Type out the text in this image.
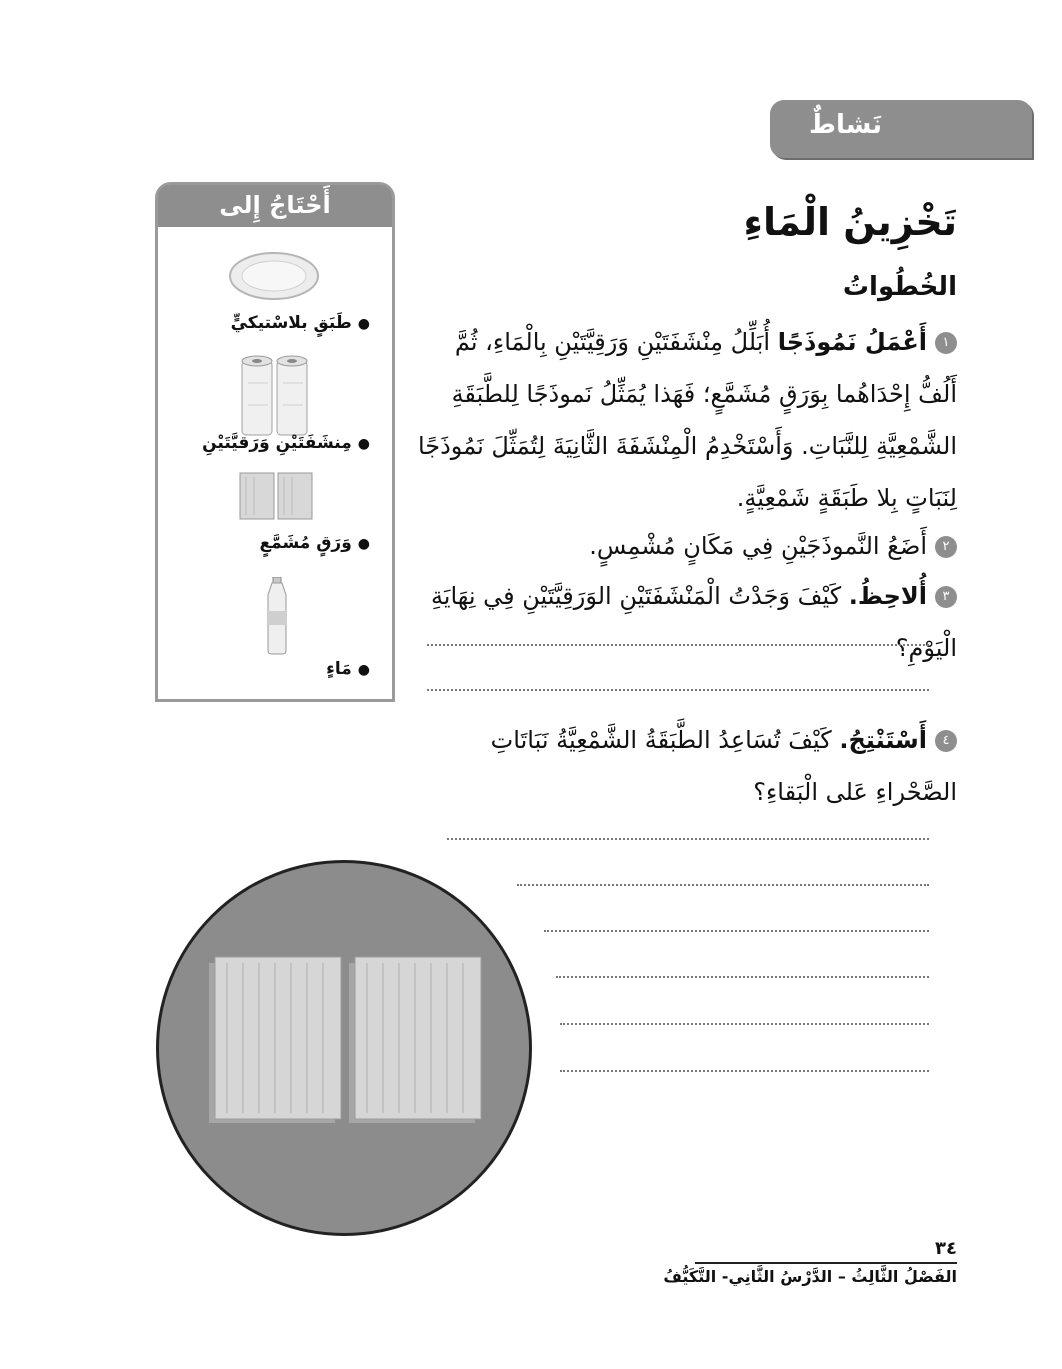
نَشاطٌ
أَحْتَاجُ إِلى
●طَبَقٍ بلاسْتيكيٍّ
●مِنشَفَتَيْنِ وَرَقيَّتَيْنِ
●وَرَقٍ مُشَمَّعٍ
●مَاءٍ
تَخْزِينُ الْمَاءِ
الخُطُواتُ
١أَعْمَلُ نَمُوذَجًا أُبَلِّلُ مِنْشَفَتَيْنِ وَرَقِيَّتَيْنِ بِالْمَاءِ، ثُمَّ أَلُفُّ إِحْدَاهُما بِوَرَقٍ مُشَمَّعٍ؛ فَهَذا يُمَثِّلُ نَموذَجًا لِلطَّبَقَةِ الشَّمْعِيَّةِ لِلنَّبَاتِ. وَأَسْتَخْدِمُ الْمِنْشَفَةَ الثَّانِيَةَ لِتُمَثِّلَ نَمُوذَجًا لِنَبَاتٍ بِلا طَبَقَةٍ شَمْعِيَّةٍ.
٢أَضَعُ النَّموذَجَيْنِ فِي مَكَانٍ مُشْمِسٍ.
٣أُلاحِظُ. كَيْفَ وَجَدْتُ الْمَنْشَفَتَيْنِ الوَرَقِيَّتَيْنِ فِي نِهَايَةِ الْيَوْمِ؟
٤أَسْتَنْتِجُ. كَيْفَ تُسَاعِدُ الطَّبَقَةُ الشَّمْعِيَّةُ نَبَاتَاتِ الصَّحْراءِ عَلى الْبَقاءِ؟
٣٤
الفَصْلُ الثَّالِثُ – الدَّرْسُ الثَّانِي- التَّكَيُّفُ
